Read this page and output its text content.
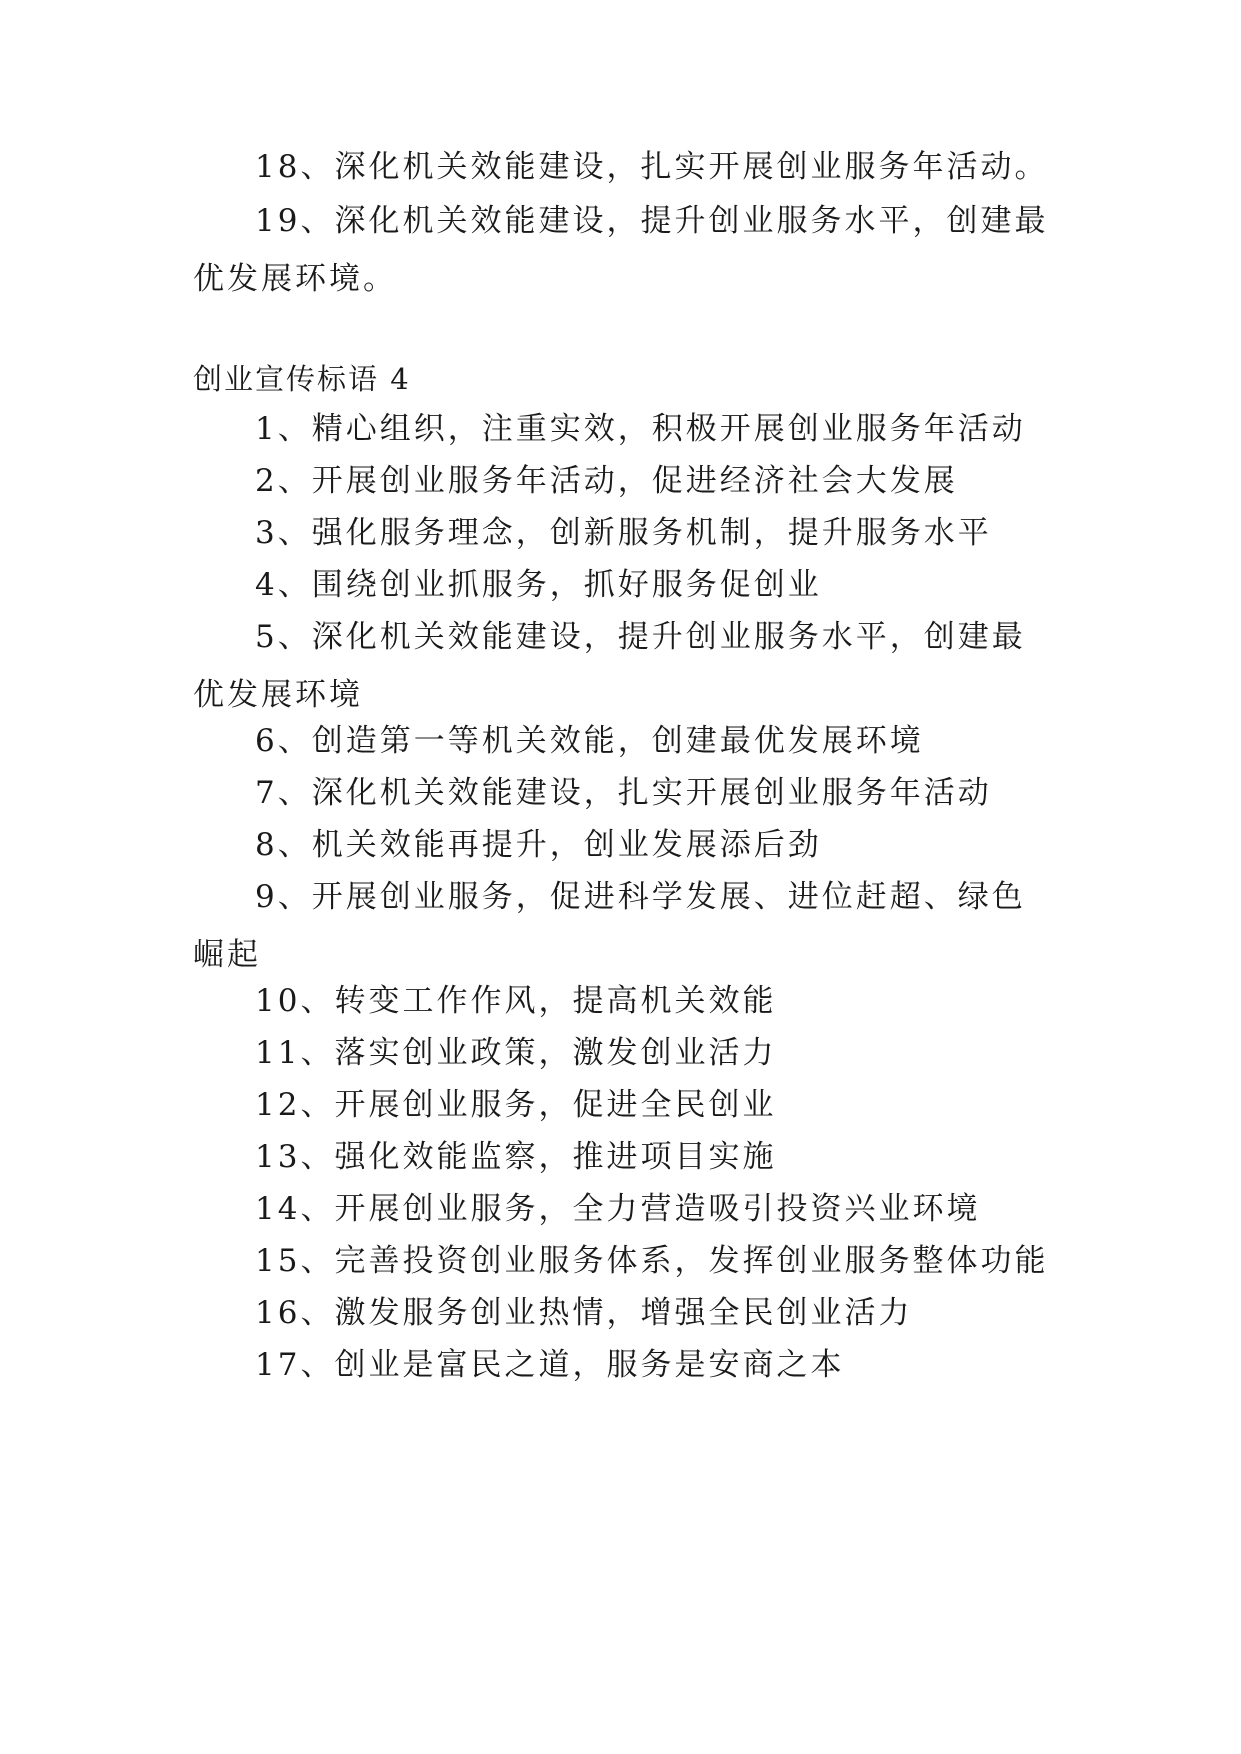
18、深化机关效能建设，扎实开展创业服务年活动。

19、深化机关效能建设，提升创业服务水平，创建最优发展环境。

创业宣传标语 4

1、精心组织，注重实效，积极开展创业服务年活动

2、开展创业服务年活动，促进经济社会大发展

3、强化服务理念，创新服务机制，提升服务水平

4、围绕创业抓服务，抓好服务促创业

5、深化机关效能建设，提升创业服务水平，创建最优发展环境

6、创造第一等机关效能，创建最优发展环境

7、深化机关效能建设，扎实开展创业服务年活动

8、机关效能再提升，创业发展添后劲

9、开展创业服务，促进科学发展、进位赶超、绿色崛起

10、转变工作作风，提高机关效能

11、落实创业政策，激发创业活力

12、开展创业服务，促进全民创业

13、强化效能监察，推进项目实施

14、开展创业服务，全力营造吸引投资兴业环境

15、完善投资创业服务体系，发挥创业服务整体功能

16、激发服务创业热情，增强全民创业活力

17、创业是富民之道，服务是安商之本
